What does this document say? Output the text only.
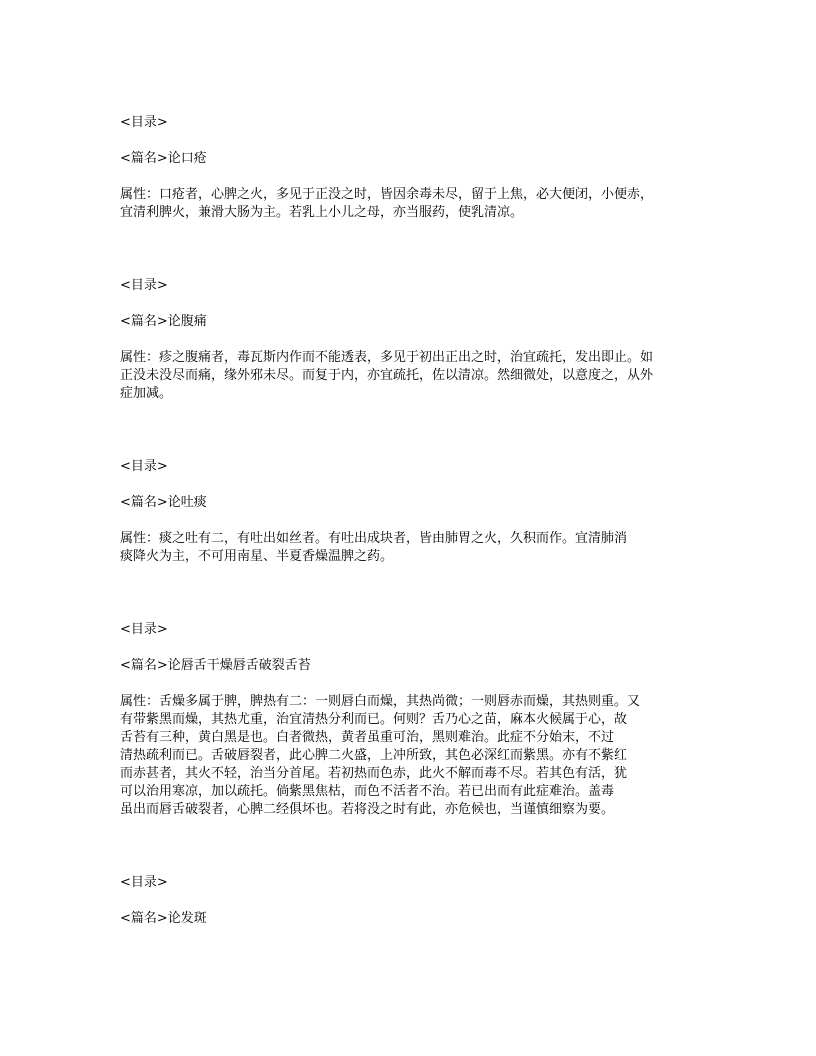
<目录>
<篇名>论口疮
属性：口疮者，心脾之火，多见于正没之时，皆因余毒未尽，留于上焦，必大便闭，小便赤，
宜清利脾火，兼滑大肠为主。若乳上小儿之母，亦当服药，使乳清凉。
<目录>
<篇名>论腹痛
属性：疹之腹痛者，毒瓦斯内作而不能透表，多见于初出正出之时，治宜疏托，发出即止。如
正没未没尽而痛，缘外邪未尽。而复于内，亦宜疏托，佐以清凉。然细微处，以意度之，从外
症加减。
<目录>
<篇名>论吐痰
属性：痰之吐有二，有吐出如丝者。有吐出成块者，皆由肺胃之火，久积而作。宜清肺消
痰降火为主，不可用南星、半夏香燥温脾之药。
<目录>
<篇名>论唇舌干燥唇舌破裂舌苔
属性：舌燥多属于脾，脾热有二：一则唇白而燥，其热尚微；一则唇赤而燥，其热则重。又
有带紫黑而燥，其热尤重，治宜清热分利而已。何则？舌乃心之苗，麻本火候属于心，故
舌苔有三种，黄白黑是也。白者微热，黄者虽重可治，黑则难治。此症不分始末，不过
清热疏利而已。舌破唇裂者，此心脾二火盛，上冲所致，其色必深红而紫黑。亦有不紫红
而赤甚者，其火不轻，治当分首尾。若初热而色赤，此火不解而毒不尽。若其色有活，犹
可以治用寒凉，加以疏托。倘紫黑焦枯，而色不活者不治。若已出而有此症难治。盖毒
虽出而唇舌破裂者，心脾二经俱坏也。若将没之时有此，亦危候也，当谨慎细察为要。
<目录>
<篇名>论发斑
